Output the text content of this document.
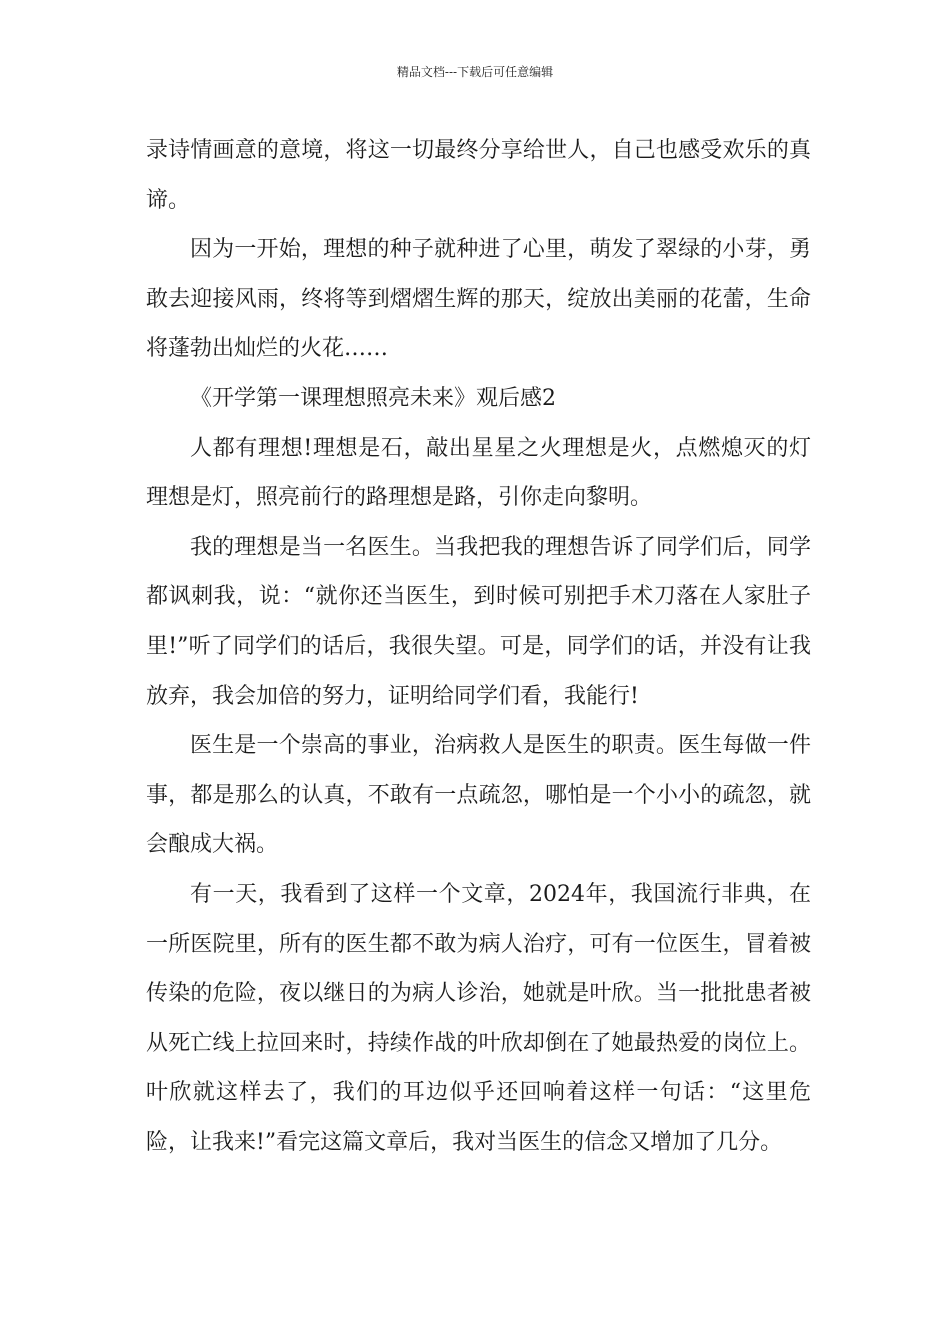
精品文档---下载后可任意编辑

录诗情画意的意境，将这一切最终分享给世人，自己也感受欢乐的真谛。

因为一开始，理想的种子就种进了心里，萌发了翠绿的小芽，勇敢去迎接风雨，终将等到熠熠生辉的那天，绽放出美丽的花蕾，生命将蓬勃出灿烂的火花……

《开学第一课理想照亮未来》观后感2

人都有理想!理想是石，敲出星星之火理想是火，点燃熄灭的灯理想是灯，照亮前行的路理想是路，引你走向黎明。

我的理想是当一名医生。当我把我的理想告诉了同学们后，同学都讽刺我，说：“就你还当医生，到时候可别把手术刀落在人家肚子里!”听了同学们的话后，我很失望。可是，同学们的话，并没有让我放弃，我会加倍的努力，证明给同学们看，我能行!

医生是一个崇高的事业，治病救人是医生的职责。医生每做一件事，都是那么的认真，不敢有一点疏忽，哪怕是一个小小的疏忽，就会酿成大祸。

有一天，我看到了这样一个文章，2024年，我国流行非典，在一所医院里，所有的医生都不敢为病人治疗，可有一位医生，冒着被传染的危险，夜以继日的为病人诊治，她就是叶欣。当一批批患者被从死亡线上拉回来时，持续作战的叶欣却倒在了她最热爱的岗位上。叶欣就这样去了，我们的耳边似乎还回响着这样一句话：“这里危险，让我来!”看完这篇文章后，我对当医生的信念又增加了几分。
